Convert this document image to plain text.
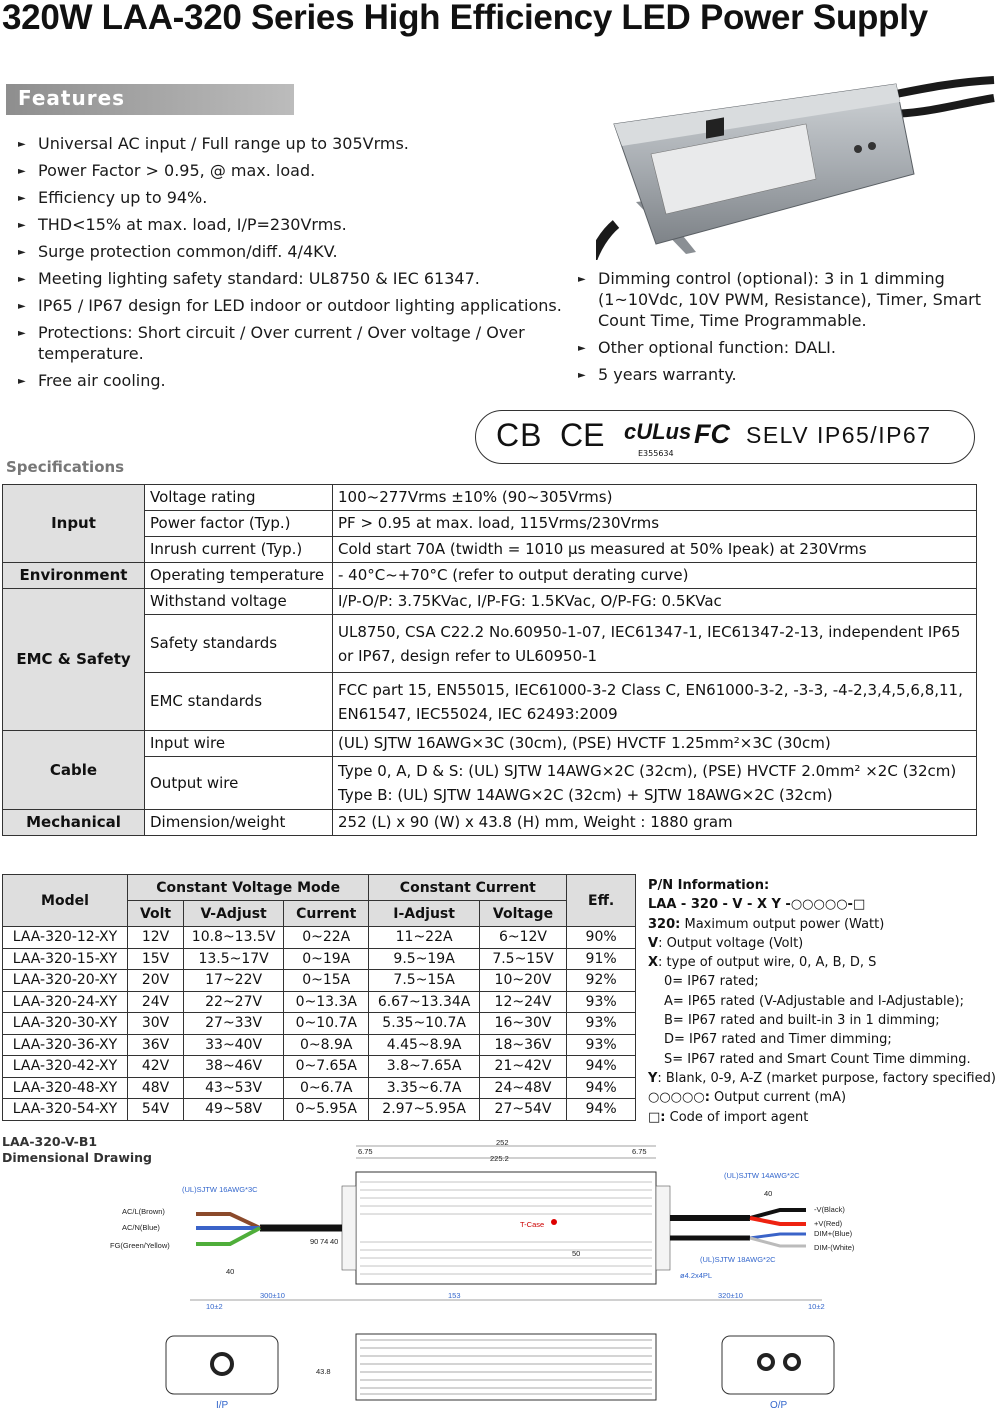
320W LAA-320 Series High Efficiency LED Power Supply
Features
► Universal AC input / Full range up to 305Vrms.
► Power Factor > 0.95, @ max. load.
► Efficiency up to 94%.
► THD<15% at max. load, I/P=230Vrms.
► Surge protection common/diff. 4/4KV.
► Meeting lighting safety standard: UL8750 & IEC 61347.
► IP65 / IP67 design for LED indoor or outdoor lighting applications.
► Protections: Short circuit / Over current / Over voltage / Over temperature.
► Free air cooling.
► Dimming control (optional): 3 in 1 dimming (1~10Vdc, 10V PWM, Resistance), Timer, Smart Count Time, Time Programmable.
► Other optional function: DALI.
► 5 years warranty.
CB CE cULus
E355634
FC SELV IP65/IP67
Specifications
Input	Voltage rating	100~277Vrms ±10% (90~305Vrms)
	Power factor (Typ.)	PF > 0.95 at max. load, 115Vrms/230Vrms
	Inrush current (Typ.)	Cold start 70A (twidth = 1010 μs measured at 50% Ipeak) at 230Vrms
Environment	Operating temperature	- 40°C~+70°C (refer to output derating curve)
EMC & Safety	Withstand voltage	I/P-O/P: 3.75KVac, I/P-FG: 1.5KVac, O/P-FG: 0.5KVac
	Safety standards	UL8750, CSA C22.2 No.60950-1-07, IEC61347-1, IEC61347-2-13, independent IP65 or IP67, design refer to UL60950-1
	EMC standards	FCC part 15, EN55015, IEC61000-3-2 Class C, EN61000-3-2, -3-3, -4-2,3,4,5,6,8,11, EN61547, IEC55024, IEC 62493:2009
Cable	Input wire	(UL) SJTW 16AWG×3C (30cm), (PSE) HVCTF 1.25mm²×3C (30cm)
	Output wire	Type 0, A, D & S: (UL) SJTW 14AWG×2C (32cm), (PSE) HVCTF 2.0mm² ×2C (32cm)
Type B: (UL) SJTW 14AWG×2C (32cm) + SJTW 18AWG×2C (32cm)

Mechanical	Dimension/weight	252 (L) x 90 (W) x 43.8 (H) mm, Weight : 1880 gram
Model	Constant Voltage Mode			Constant Current		Eff.
	Volt	V-Adjust	Current	I-Adjust	Voltage	
LAA-320-12-XY	12V	10.8~13.5V	0~22A	11~22A	6~12V	90%
LAA-320-15-XY	15V	13.5~17V	0~19A	9.5~19A	7.5~15V	91%
LAA-320-20-XY	20V	17~22V	0~15A	7.5~15A	10~20V	92%
LAA-320-24-XY	24V	22~27V	0~13.3A	6.67~13.34A	12~24V	93%
LAA-320-30-XY	30V	27~33V	0~10.7A	5.35~10.7A	16~30V	93%
LAA-320-36-XY	36V	33~40V	0~8.9A	4.45~8.9A	18~36V	93%
LAA-320-42-XY	42V	38~46V	0~7.65A	3.8~7.65A	21~42V	94%
LAA-320-48-XY	48V	43~53V	0~6.7A	3.35~6.7A	24~48V	94%
LAA-320-54-XY	54V	49~58V	0~5.95A	2.97~5.95A	27~54V	94%
P/N Information:
LAA - 320 - V - X Y -○○○○○-□
320: Maximum output power (Watt)
V: Output voltage (Volt)
X: type of output wire, 0, A, B, D, S
0= IP67 rated;
A= IP65 rated (V-Adjustable and I-Adjustable);
B= IP67 rated and built-in 3 in 1 dimming;
D= IP67 rated and Timer dimming;
S= IP67 rated and Smart Count Time dimming.
Y: Blank, 0-9, A-Z (market purpose, factory specified)
○○○○○: Output current (mA)
□: Code of import agent
LAA-320-V-B1
Dimensional Drawing
252
225.2
6.75	6.75
T-Case
50
90 74 40
AC/L(Brown)
AC/N(Blue)
FG(Green/Yellow)
(UL)SJTW 16AWG*3C
40
-V(Black)
+V(Red)
DIM+(Blue)
DIM-(White)
(UL)SJTW 14AWG*2C
(UL)SJTW 18AWG*2C
40
ø4.2x4PL
300±10	153	320±10
10±2	10±2
I/P
43.8
O/P
